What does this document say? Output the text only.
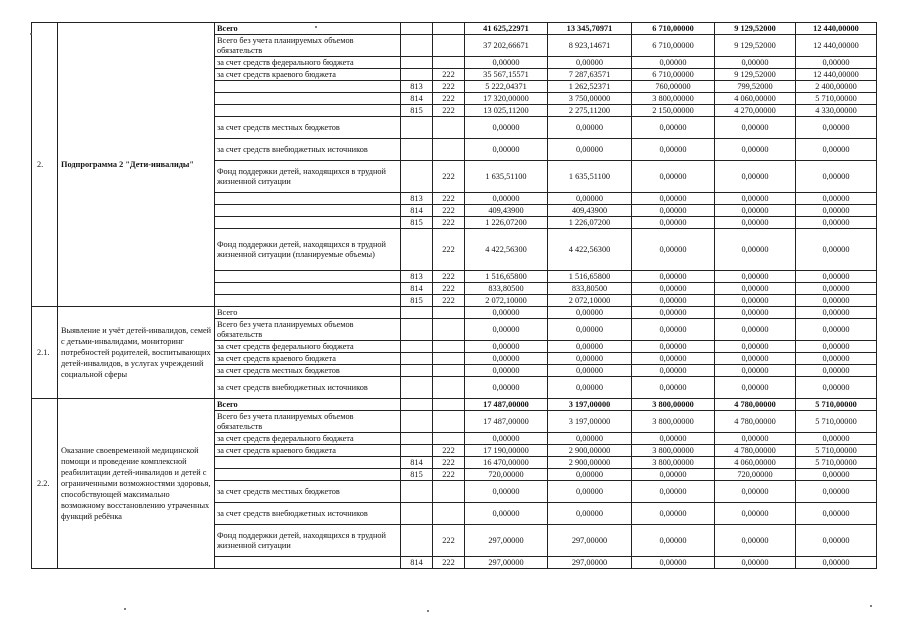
2.	Подпрограмма 2 "Дети-инвалиды"	Всего			41 625,22971	13 345,70971	6 710,00000	9 129,52000	12 440,00000
		Всего без учета планируемых объемов обязательств			37 202,66671	8 923,14671	6 710,00000	9 129,52000	12 440,00000
		за счет средств федерального бюджета			0,00000	0,00000	0,00000	0,00000	0,00000
		за счет средств краевого бюджета		222	35 567,15571	7 287,63571	6 710,00000	9 129,52000	12 440,00000
			813	222	5 222,04371	1 262,52371	760,00000	799,52000	2 400,00000
			814	222	17 320,00000	3 750,00000	3 800,00000	4 060,00000	5 710,00000
			815	222	13 025,11200	2 275,11200	2 150,00000	4 270,00000	4 330,00000
		за счет средств местных бюджетов			0,00000	0,00000	0,00000	0,00000	0,00000
		за счет средств внебюджетных источников			0,00000	0,00000	0,00000	0,00000	0,00000
		Фонд поддержки детей, находящихся в трудной жизненной ситуации		222	1 635,51100	1 635,51100	0,00000	0,00000	0,00000
			813	222	0,00000	0,00000	0,00000	0,00000	0,00000
			814	222	409,43900	409,43900	0,00000	0,00000	0,00000
			815	222	1 226,07200	1 226,07200	0,00000	0,00000	0,00000
		Фонд поддержки детей, находящихся в трудной жизненной ситуации (планируемые объемы)		222	4 422,56300	4 422,56300	0,00000	0,00000	0,00000
			813	222	1 516,65800	1 516,65800	0,00000	0,00000	0,00000
			814	222	833,80500	833,80500	0,00000	0,00000	0,00000
			815	222	2 072,10000	2 072,10000	0,00000	0,00000	0,00000
2.1.	Выявление и учёт детей-инвалидов, семей с детьми-инвалидами, мониторинг потребностей родителей, воспитывающих детей-инвалидов, в услугах учреждений социальной сферы	Всего			0,00000	0,00000	0,00000	0,00000	0,00000
		Всего без учета планируемых объемов обязательств			0,00000	0,00000	0,00000	0,00000	0,00000
		за счет средств федерального бюджета			0,00000	0,00000	0,00000	0,00000	0,00000
		за счет средств краевого бюджета			0,00000	0,00000	0,00000	0,00000	0,00000
		за счет средств местных бюджетов			0,00000	0,00000	0,00000	0,00000	0,00000
		за счет средств внебюджетных источников			0,00000	0,00000	0,00000	0,00000	0,00000
2.2.	Оказание своевременной медицинской помощи и проведение комплексной реабилитации детей-инвалидов и детей с ограниченными возможностями здоровья, способствующей максимально возможному восстановлению утраченных функций ребёнка	Всего			17 487,00000	3 197,00000	3 800,00000	4 780,00000	5 710,00000
		Всего без учета планируемых объемов обязательств			17 487,00000	3 197,00000	3 800,00000	4 780,00000	5 710,00000
		за счет средств федерального бюджета			0,00000	0,00000	0,00000	0,00000	0,00000
		за счет средств краевого бюджета		222	17 190,00000	2 900,00000	3 800,00000	4 780,00000	5 710,00000
			814	222	16 470,00000	2 900,00000	3 800,00000	4 060,00000	5 710,00000
			815	222	720,00000	0,00000	0,00000	720,00000	0,00000
		за счет средств местных бюджетов			0,00000	0,00000	0,00000	0,00000	0,00000
		за счет средств внебюджетных источников			0,00000	0,00000	0,00000	0,00000	0,00000
		Фонд поддержки детей, находящихся в трудной жизненной ситуации		222	297,00000	297,00000	0,00000	0,00000	0,00000
			814	222	297,00000	297,00000	0,00000	0,00000	0,00000
